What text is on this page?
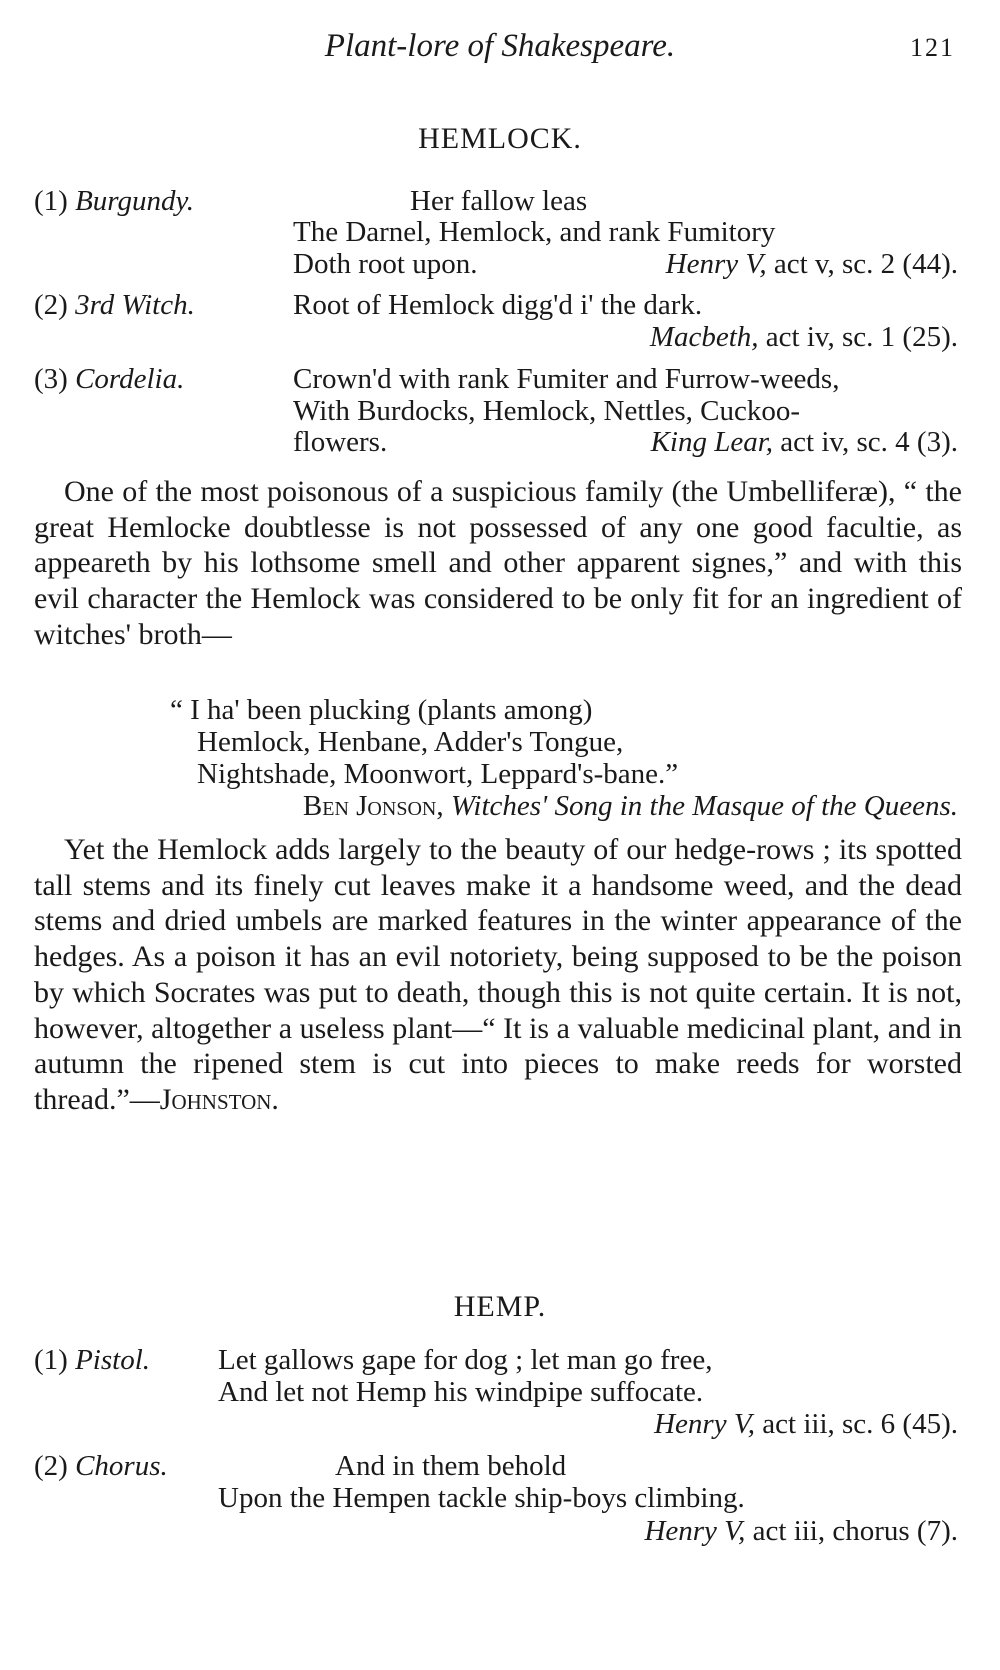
Plant-lore of Shakespeare.	121
HEMLOCK.
(1) Burgundy.	Her fallow leas
The Darnel, Hemlock, and rank Fumitory
Doth root upon.	Henry V, act v, sc. 2 (44).
(2) 3rd Witch.	Root of Hemlock digg'd i' the dark.
Macbeth, act iv, sc. 1 (25).
(3) Cordelia.	Crown'd with rank Fumiter and Furrow-weeds,
With Burdocks, Hemlock, Nettles, Cuckoo-
flowers.	King Lear, act iv, sc. 4 (3).

One of the most poisonous of a suspicious family (the Umbelliferæ), “ the great Hemlocke doubtlesse is not possessed of any one good facultie, as appeareth by his lothsome smell and other apparent signes,” and with this evil character the Hemlock was considered to be only fit for an ingredient of witches' broth—

“ I ha' been plucking (plants among)
Hemlock, Henbane, Adder's Tongue,
Nightshade, Moonwort, Leppard's-bane.”
Ben Jonson, Witches' Song in the Masque of the Queens.

Yet the Hemlock adds largely to the beauty of our hedge-rows ; its spotted tall stems and its finely cut leaves make it a handsome weed, and the dead stems and dried umbels are marked features in the winter appearance of the hedges. As a poison it has an evil notoriety, being supposed to be the poison by which Socrates was put to death, though this is not quite certain. It is not, however, altogether a useless plant—“ It is a valuable medicinal plant, and in autumn the ripened stem is cut into pieces to make reeds for worsted thread.”—Johnston.

HEMP.
(1) Pistol. Let gallows gape for dog ; let man go free,
And let not Hemp his windpipe suffocate.
Henry V, act iii, sc. 6 (45).
(2) Chorus.	And in them behold
Upon the Hempen tackle ship-boys climbing.
Henry V, act iii, chorus (7).
